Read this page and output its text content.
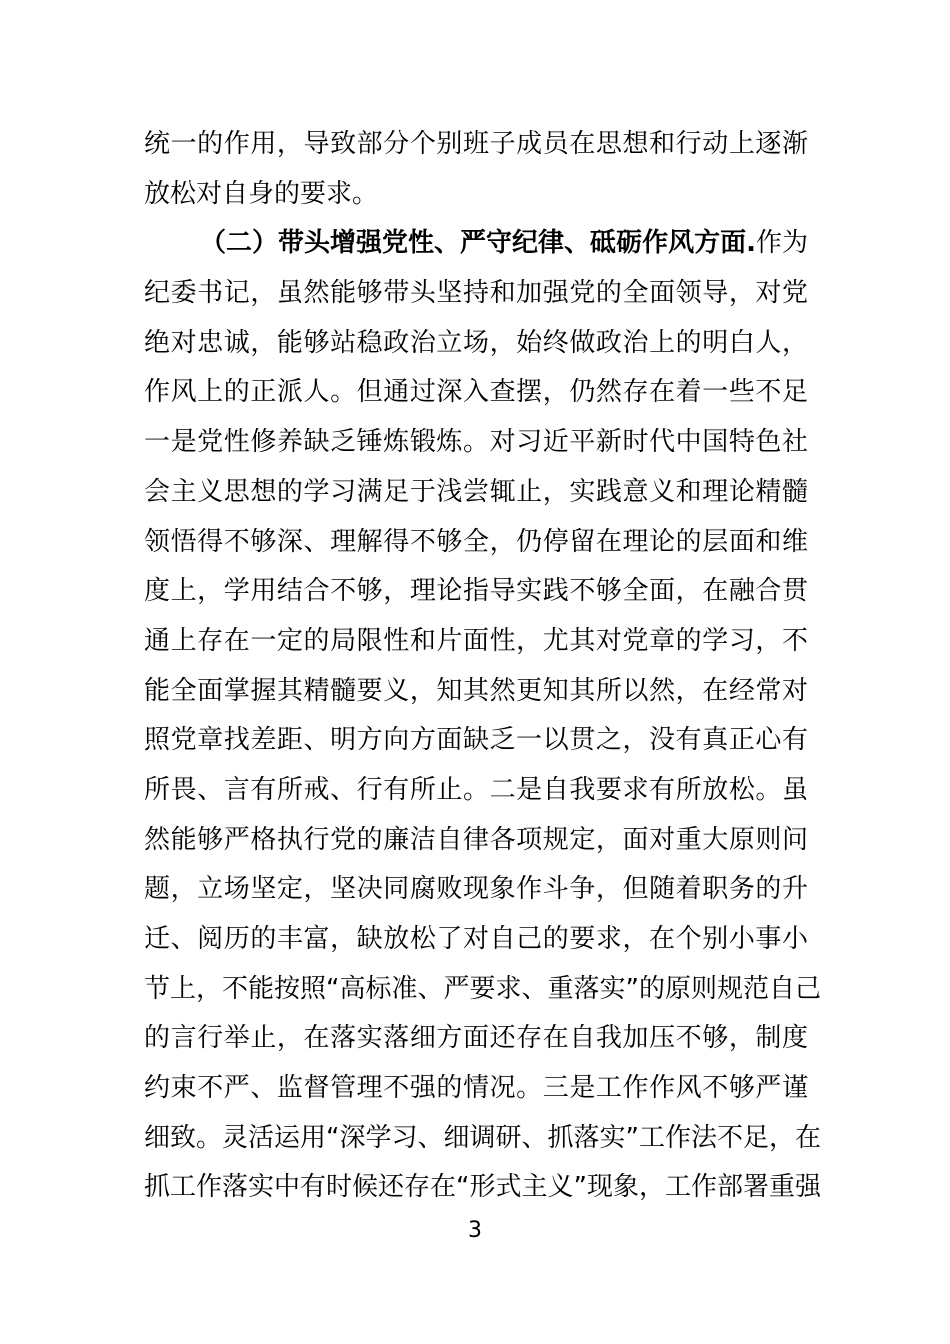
统一的作用，导致部分个别班子成员在思想和行动上逐渐
放松对自身的要求。
（二）带头增强党性、严守纪律、砥砺作风方面.作为
纪委书记，虽然能够带头坚持和加强党的全面领导，对党
绝对忠诚，能够站稳政治立场，始终做政治上的明白人，
作风上的正派人。但通过深入查摆，仍然存在着一些不足
一是党性修养缺乏锤炼锻炼。对习近平新时代中国特色社
会主义思想的学习满足于浅尝辄止，实践意义和理论精髓
领悟得不够深、理解得不够全，仍停留在理论的层面和维
度上，学用结合不够，理论指导实践不够全面，在融合贯
通上存在一定的局限性和片面性，尤其对党章的学习，不
能全面掌握其精髓要义，知其然更知其所以然，在经常对
照党章找差距、明方向方面缺乏一以贯之，没有真正心有
所畏、言有所戒、行有所止。二是自我要求有所放松。虽
然能够严格执行党的廉洁自律各项规定，面对重大原则问
题，立场坚定，坚决同腐败现象作斗争，但随着职务的升
迁、阅历的丰富，缺放松了对自己的要求，在个别小事小
节上，不能按照“高标准、严要求、重落实”的原则规范自己
的言行举止，在落实落细方面还存在自我加压不够，制度
约束不严、监督管理不强的情况。三是工作作风不够严谨
细致。灵活运用“深学习、细调研、抓落实”工作法不足，在
抓工作落实中有时候还存在“形式主义”现象，工作部署重强
3
